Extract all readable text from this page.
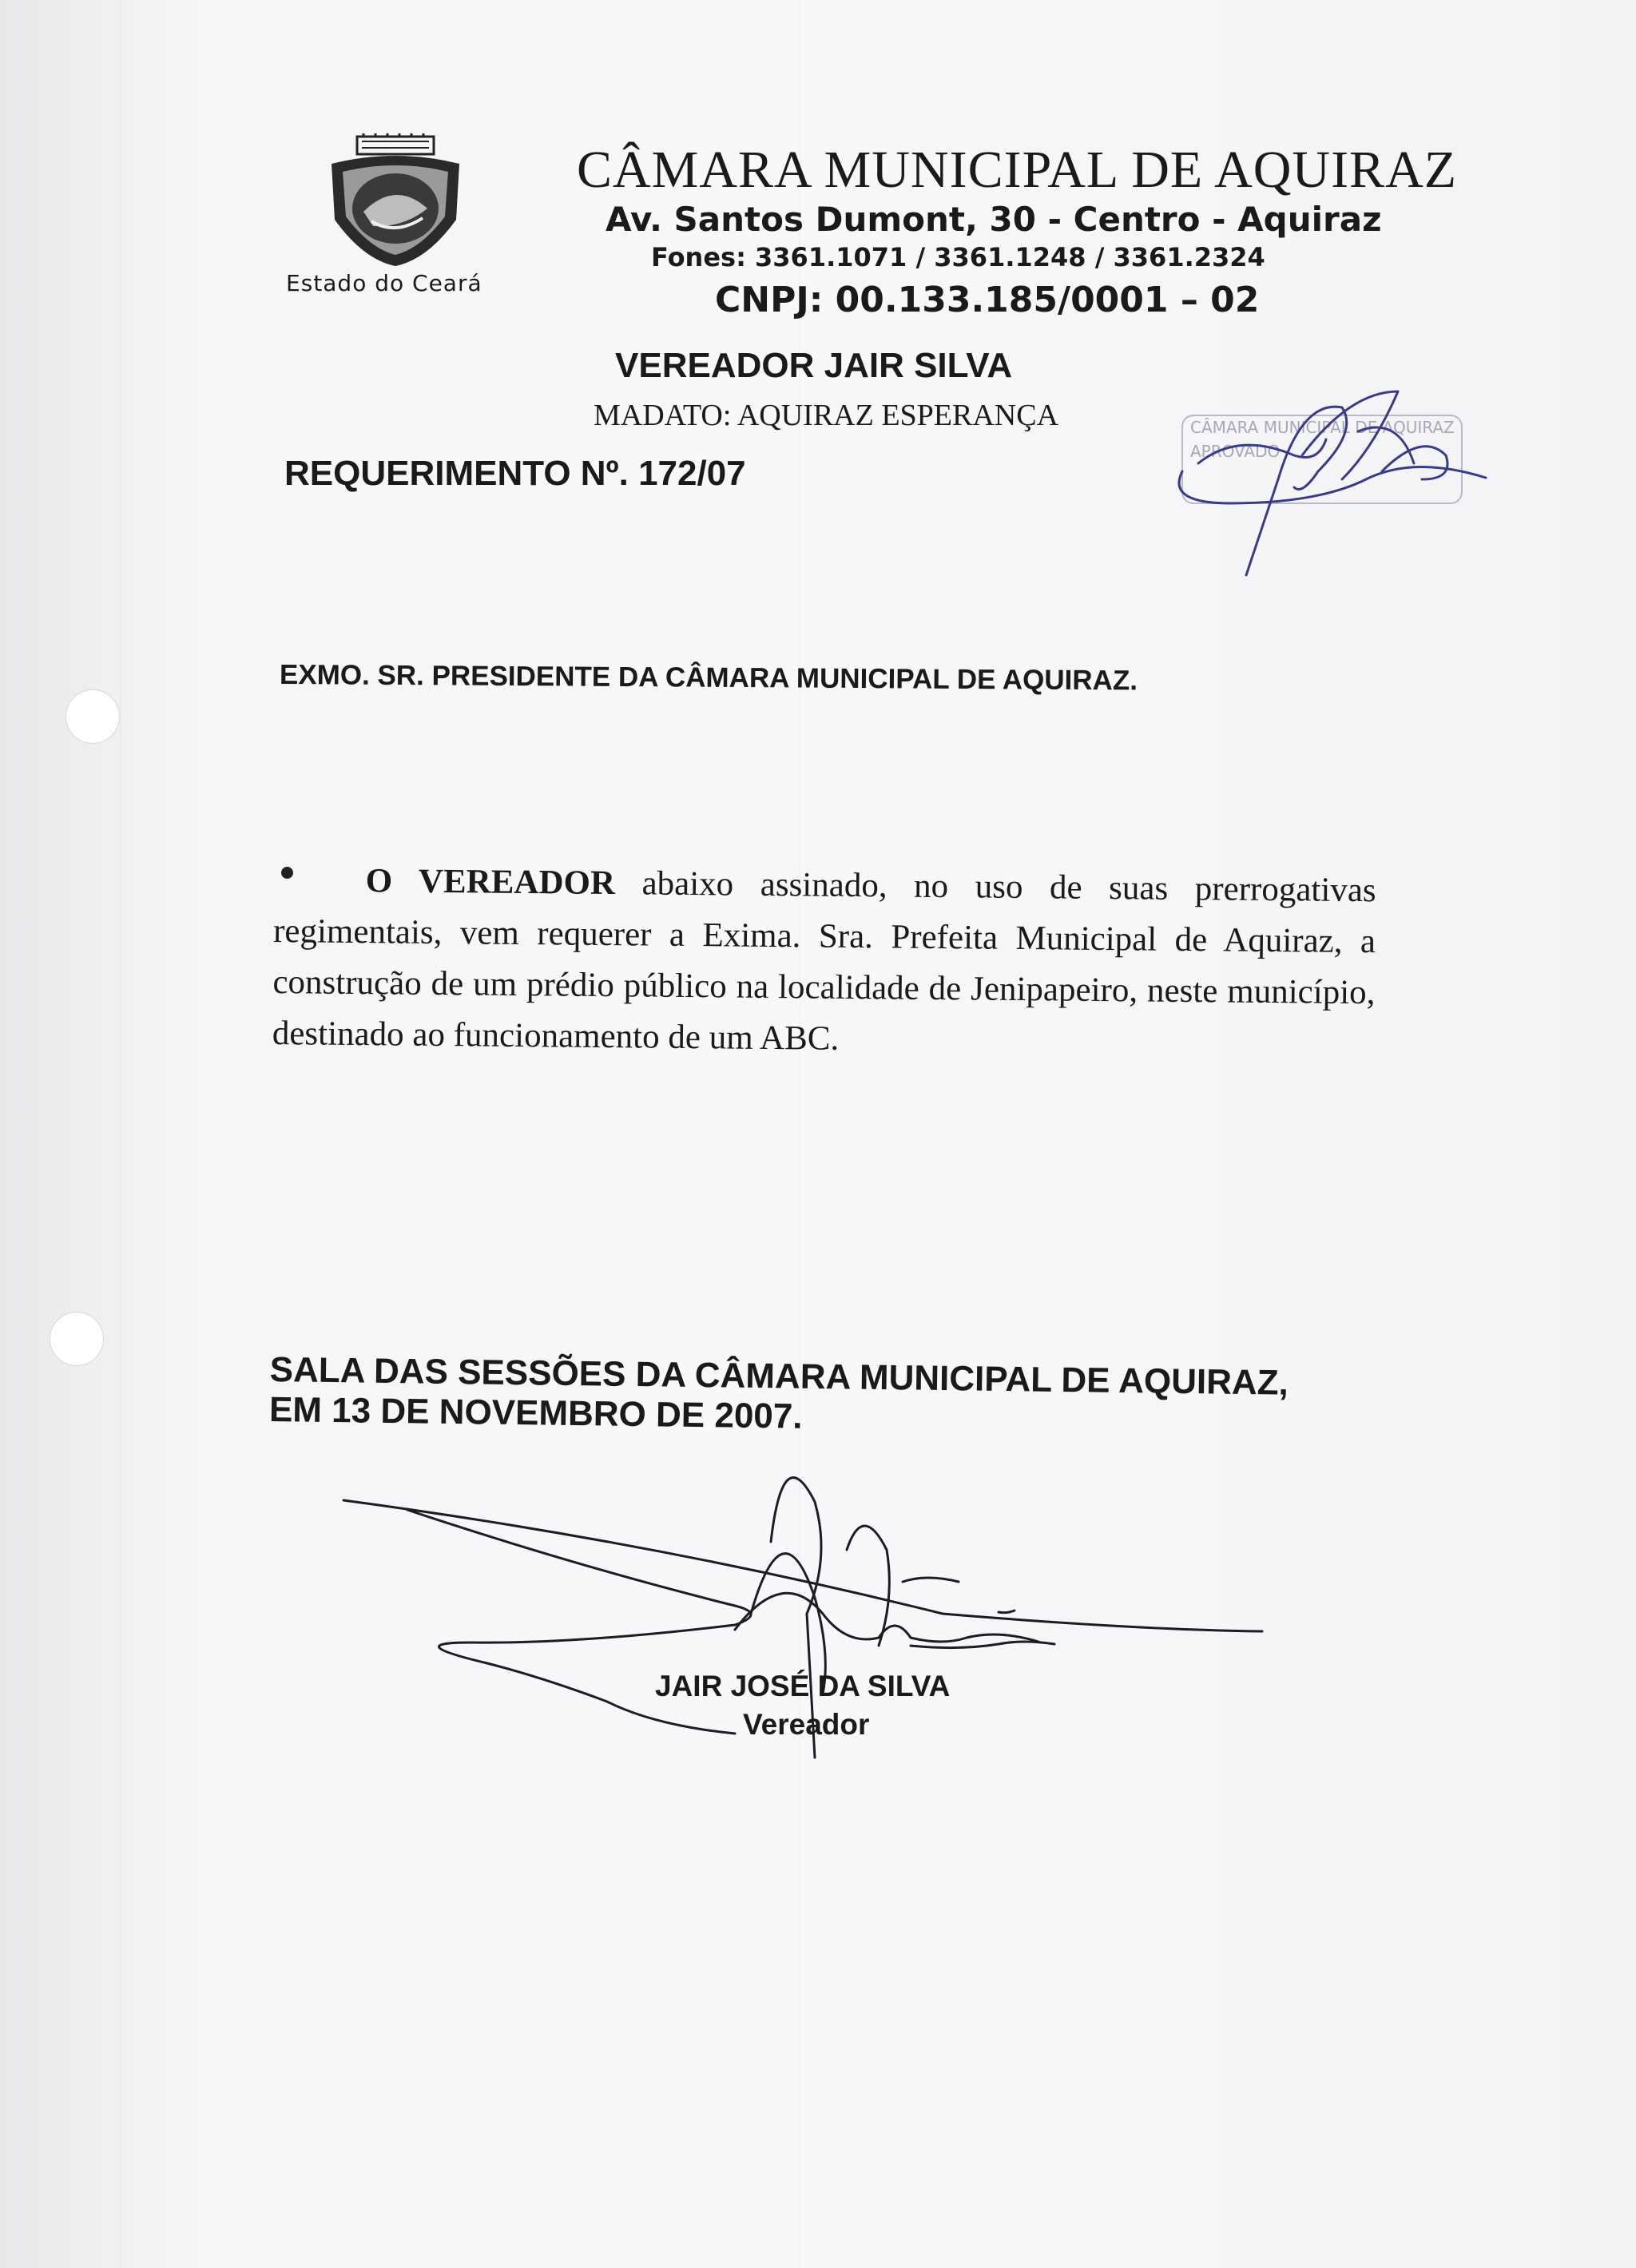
Estado do Ceará
CÂMARA MUNICIPAL DE AQUIRAZ
Av. Santos Dumont, 30 - Centro - Aquiraz
Fones: 3361.1071 / 3361.1248 / 3361.2324
CNPJ: 00.133.185/0001 – 02
VEREADOR JAIR SILVA
MADATO: AQUIRAZ ESPERANÇA
REQUERIMENTO Nº. 172/07
CÂMARA MUNICIPAL DE AQUIRAZ
APROVADO
EXMO. SR. PRESIDENTE DA CÂMARA MUNICIPAL DE AQUIRAZ.
O VEREADOR abaixo assinado, no uso de suas prerrogativas regimentais, vem requerer a Exima. Sra. Prefeita Municipal de Aquiraz, a construção de um prédio público na localidade de Jenipapeiro, neste município, destinado ao funcionamento de um ABC.
SALA DAS SESSÕES DA CÂMARA MUNICIPAL DE AQUIRAZ,
EM 13 DE NOVEMBRO DE 2007.
JAIR JOSÉ DA SILVA
Vereador
